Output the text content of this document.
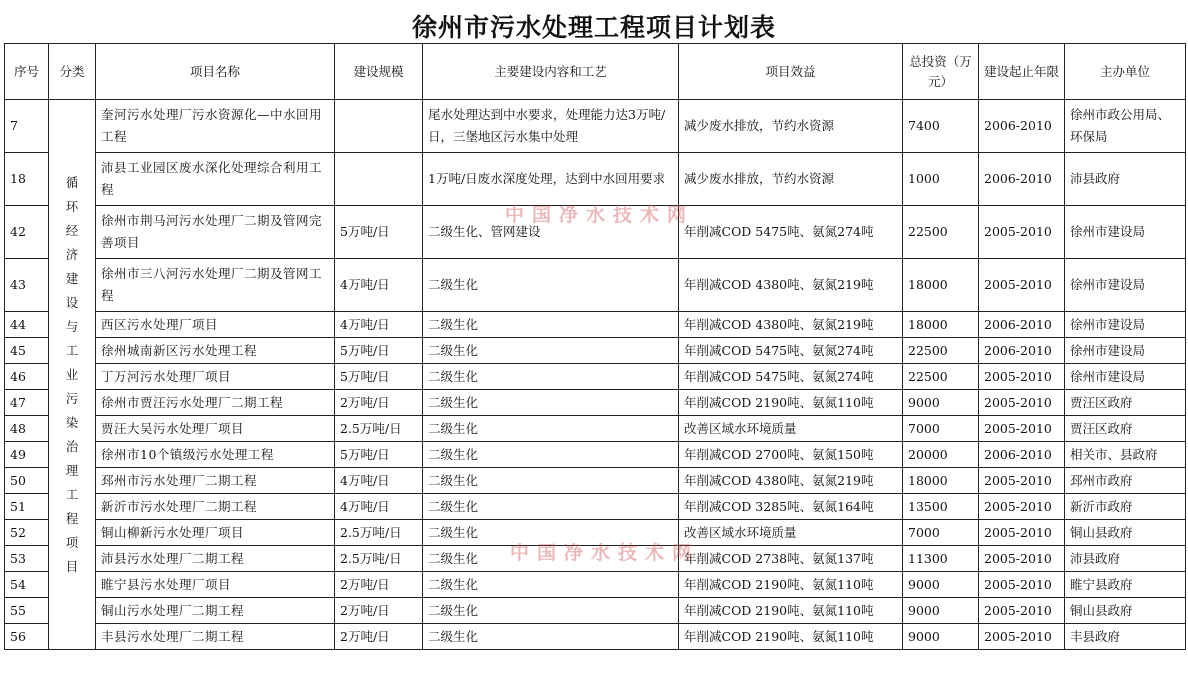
徐州市污水处理工程项目计划表
序号	分类	项目名称	建设规模	主要建设内容和工艺	项目效益	总投资（万元）	建设起止年限	主办单位
7	循环经济建设与工业污染治理工程项目	奎河污水处理厂污水资源化—中水回用工程		尾水处理达到中水要求，处理能力达3万吨/日，三堡地区污水集中处理	减少废水排放，节约水资源	7400	2006-2010	徐州市政公用局、环保局
18		沛县工业园区废水深化处理综合利用工程		1万吨/日废水深度处理，达到中水回用要求	减少废水排放，节约水资源	1000	2006-2010	沛县政府
42		徐州市荆马河污水处理厂二期及管网完善项目	5万吨/日	二级生化、管网建设	年削减COD 5475吨、氨氮274吨	22500	2005-2010	徐州市建设局
43		徐州市三八河污水处理厂二期及管网工程	4万吨/日	二级生化	年削减COD 4380吨、氨氮219吨	18000	2005-2010	徐州市建设局
44		西区污水处理厂项目	4万吨/日	二级生化	年削减COD 4380吨、氨氮219吨	18000	2006-2010	徐州市建设局
45		徐州城南新区污水处理工程	5万吨/日	二级生化	年削减COD 5475吨、氨氮274吨	22500	2006-2010	徐州市建设局
46		丁万河污水处理厂项目	5万吨/日	二级生化	年削减COD 5475吨、氨氮274吨	22500	2005-2010	徐州市建设局
47		徐州市贾汪污水处理厂二期工程	2万吨/日	二级生化	年削减COD 2190吨、氨氮110吨	9000	2005-2010	贾汪区政府
48		贾汪大吴污水处理厂项目	2.5万吨/日	二级生化	改善区域水环境质量	7000	2005-2010	贾汪区政府
49		徐州市10个镇级污水处理工程	5万吨/日	二级生化	年削减COD 2700吨、氨氮150吨	20000	2006-2010	相关市、县政府
50		邳州市污水处理厂二期工程	4万吨/日	二级生化	年削减COD 4380吨、氨氮219吨	18000	2005-2010	邳州市政府
51		新沂市污水处理厂二期工程	4万吨/日	二级生化	年削减COD 3285吨、氨氮164吨	13500	2005-2010	新沂市政府
52		铜山柳新污水处理厂项目	2.5万吨/日	二级生化	改善区域水环境质量	7000	2005-2010	铜山县政府
53		沛县污水处理厂二期工程	2.5万吨/日	二级生化	年削减COD 2738吨、氨氮137吨	11300	2005-2010	沛县政府
54		睢宁县污水处理厂项目	2万吨/日	二级生化	年削减COD 2190吨、氨氮110吨	9000	2005-2010	睢宁县政府
55		铜山污水处理厂二期工程	2万吨/日	二级生化	年削减COD 2190吨、氨氮110吨	9000	2005-2010	铜山县政府
56		丰县污水处理厂二期工程	2万吨/日	二级生化	年削减COD 2190吨、氨氮110吨	9000	2005-2010	丰县政府
中国净水技术网
中国净水技术网
